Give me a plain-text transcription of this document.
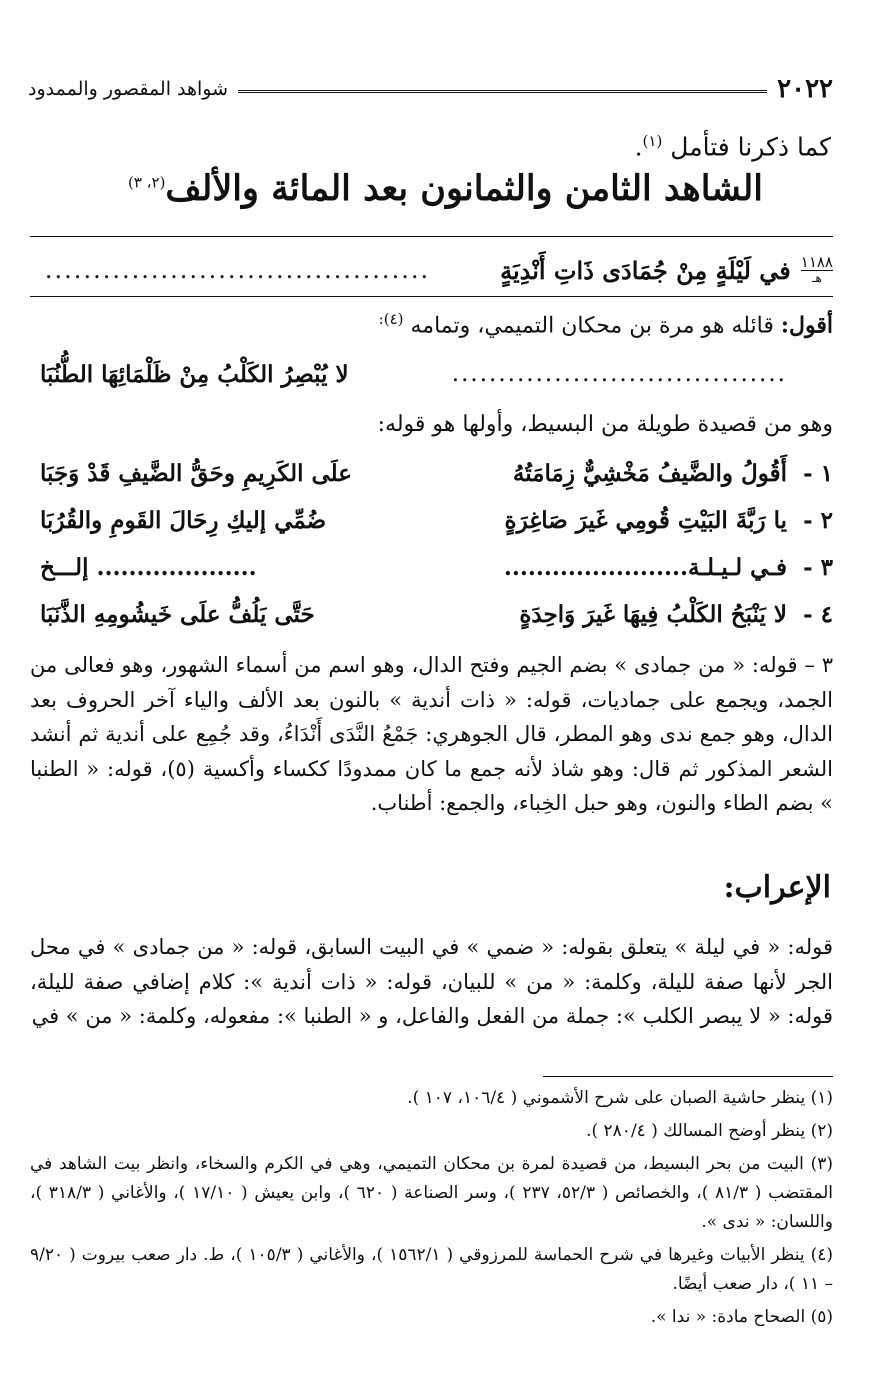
٢٠٢٢
شواهد المقصور والممدود
كما ذكرنا فتأمل $^{(١)}$.
الشاهد الثامن والثمانون بعد المائة والألف$^{(٢، ٣)}$
١١٨٨
هـ
في لَيْلَةٍ مِنْ جُمَادَى ذَاتِ أَنْدِيَةٍ
........................................
أقول: قائله هو مرة بن محكان التميمي، وتمامه $^{(٤):}$
....................................
لا يُبْصِرُ الكَلْبُ مِنْ ظَلْمَائِهَا الطُّنُبَا
وهو من قصيدة طويلة من البسيط، وأولها هو قوله:
١ -
أَقُولُ والضَّيفُ مَخْشِيٌّ زِمَامَتُهُ
علَى الكَرِيمِ وحَقُّ الضَّيفِ قَدْ وَجَبَا
٢ -
يا رَبَّةَ البَيْتِ قُومِي غَيرَ صَاغِرَةٍ
ضُمِّي إليكِ رِحَالَ القَومِ والقُرُبَا
٣ -
فـي لـيـلـة.......................
.................... إلـــخ
٤ -
لا يَنْبَحُ الكَلْبُ فِيهَا غَيرَ وَاحِدَةٍ
حَتَّى يَلُفُّ علَى خَيشُومِهِ الذَّنَبَا
٣ – قوله: « من جمادى » بضم الجيم وفتح الدال، وهو اسم من أسماء الشهور، وهو فعالى من الجمد، ويجمع على جماديات، قوله: « ذات أندية » بالنون بعد الألف والياء آخر الحروف بعد الدال، وهو جمع ندى وهو المطر، قال الجوهري: جَمْعُ النَّدَى أَنْدَاءُ، وقد جُمِع على أندية ثم أنشد الشعر المذكور ثم قال: وهو شاذ لأنه جمع ما كان ممدودًا ككساء وأكسية (٥)، قوله: « الطنبا » بضم الطاء والنون، وهو حبل الخِباء، والجمع: أطناب.
الإعراب:
قوله: « في ليلة » يتعلق بقوله: « ضمي » في البيت السابق، قوله: « من جمادى » في محل الجر لأنها صفة لليلة، وكلمة: « من » للبيان، قوله: « ذات أندية »: كلام إضافي صفة لليلة، قوله: « لا يبصر الكلب »: جملة من الفعل والفاعل، و « الطنبا »: مفعوله، وكلمة: « من » في

(١) ينظر حاشية الصبان على شرح الأشموني ( ١٠٦/٤، ١٠٧ ).

(٢) ينظر أوضح المسالك ( ٢٨٠/٤ ).

(٣) البيت من بحر البسيط، من قصيدة لمرة بن محكان التميمي، وهي في الكرم والسخاء، وانظر بيت الشاهد في المقتضب ( ٨١/٣ )، والخصائص ( ٥٢/٣، ٢٣٧ )، وسر الصناعة ( ٦٢٠ )، وابن يعيش ( ١٧/١٠ )، والأغاني ( ٣١٨/٣ )، واللسان: « ندى ».

(٤) ينظر الأبيات وغيرها في شرح الحماسة للمرزوقي ( ١٥٦٢/١ )، والأغاني ( ١٠٥/٣ )، ط. دار صعب بيروت ( ٩/٢٠ – ١١ )، دار صعب أيضًا.

(٥) الصحاح مادة: « ندا ».
